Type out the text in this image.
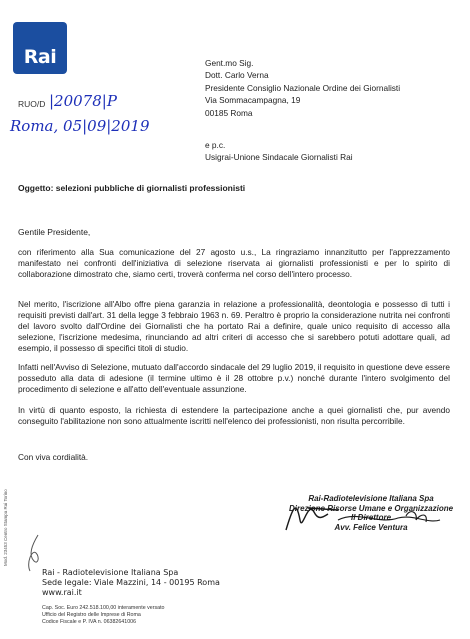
Rai
RUO/D |20078|P
Roma, 05|09|2019
Gent.mo Sig.
Dott. Carlo Verna
Presidente Consiglio Nazionale Ordine dei Giornalisti
Via Sommacampagna, 19
00185 Roma
e p.c.
Usigrai-Unione Sindacale Giornalisti Rai
Oggetto: selezioni pubbliche di giornalisti professionisti
Gentile Presidente,
con riferimento alla Sua comunicazione del 27 agosto u.s., La ringraziamo innanzitutto per l'apprezzamento manifestato nei confronti dell'iniziativa di selezione riservata ai giornalisti professionisti e per lo spirito di collaborazione dimostrato che, siamo certi, troverà conferma nel corso dell'intero processo.
Nel merito, l'iscrizione all'Albo offre piena garanzia in relazione a professionalità, deontologia e possesso di tutti i requisiti previsti dall'art. 31 della legge 3 febbraio 1963 n. 69. Peraltro è proprio la considerazione nutrita nei confronti del lavoro svolto dall'Ordine dei Giornalisti che ha portato Rai a definire, quale unico requisito di accesso alla selezione, l'iscrizione medesima, rinunciando ad altri criteri di accesso che si sarebbero potuti adottare quali, ad esempio, il possesso di specifici titoli di studio.
Infatti nell'Avviso di Selezione, mutuato dall'accordo sindacale del 29 luglio 2019, il requisito in questione deve essere posseduto alla data di adesione (il termine ultimo è il 28 ottobre p.v.) nonché durante l'intero svolgimento del procedimento di selezione e all'atto dell'eventuale assunzione.
In virtù di quanto esposto, la richiesta di estendere la partecipazione anche a quei giornalisti che, pur avendo conseguito l'abilitazione non sono attualmente iscritti nell'elenco dei professionisti, non risulta percorribile.
Con viva cordialità.
Rai-Radiotelevisione Italiana Spa
Direzione Risorse Umane e Organizzazione
Il Direttore
Avv. Felice Ventura
Mod. 23453 Centro Stampa Rai Torino
Rai - Radiotelevisione Italiana Spa
Sede legale: Viale Mazzini, 14 - 00195 Roma
www.rai.it
Cap. Soc. Euro 242.518.100,00 interamente versato
Ufficio del Registro delle Imprese di Roma
Codice Fiscale e P. IVA n. 06382641006
